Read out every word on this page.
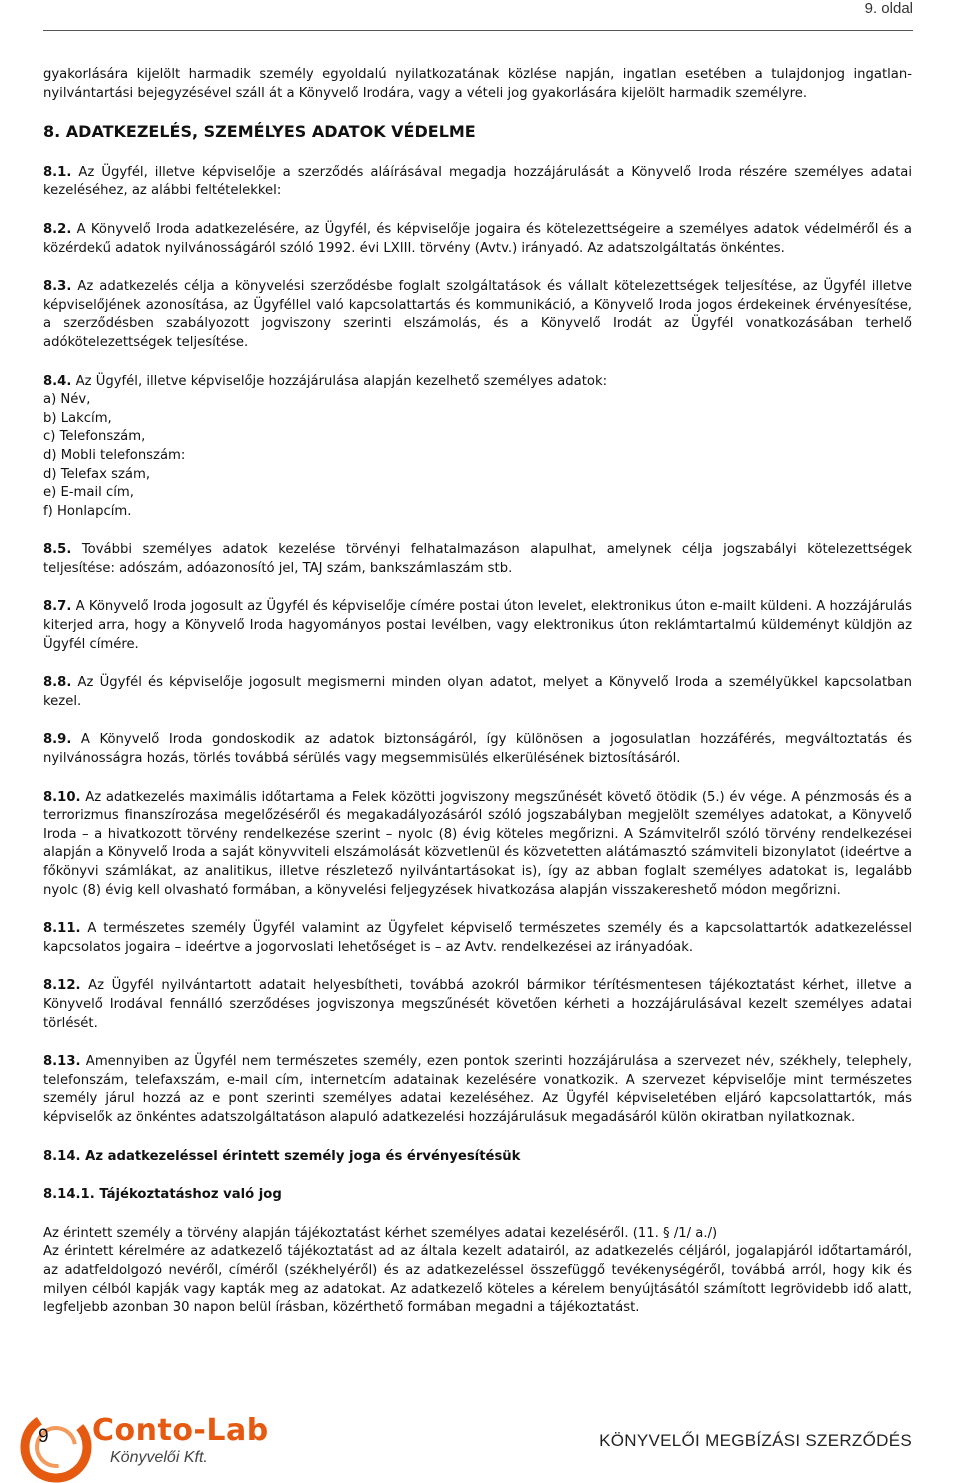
9. oldal

gyakorlására kijelölt harmadik személy egyoldalú nyilatkozatának közlése napján, ingatlan esetében a tulajdonjog ingatlan-nyilvántartási bejegyzésével száll át a Könyvelő Irodára, vagy a vételi jog gyakorlására kijelölt harmadik személyre.

8. ADATKEZELÉS, SZEMÉLYES ADATOK VÉDELME

8.1. Az Ügyfél, illetve képviselője a szerződés aláírásával megadja hozzájárulását a Könyvelő Iroda részére személyes adatai kezeléséhez, az alábbi feltételekkel:

8.2. A Könyvelő Iroda adatkezelésére, az Ügyfél, és képviselője jogaira és kötelezettségeire a személyes adatok védelméről és a közérdekű adatok nyilvánosságáról szóló 1992. évi LXIII. törvény (Avtv.) irányadó. Az adatszolgáltatás önkéntes.

8.3. Az adatkezelés célja a könyvelési szerződésbe foglalt szolgáltatások és vállalt kötelezettségek teljesítése, az Ügyfél illetve képviselőjének azonosítása, az Ügyféllel való kapcsolattartás és kommunikáció, a Könyvelő Iroda jogos érdekeinek érvényesítése, a szerződésben szabályozott jogviszony szerinti elszámolás, és a Könyvelő Irodát az Ügyfél vonatkozásában terhelő adókötelezettségek teljesítése.

8.4. Az Ügyfél, illetve képviselője hozzájárulása alapján kezelhető személyes adatok:

a) Név,
b) Lakcím,
c) Telefonszám,
d) Mobli telefonszám:
d) Telefax szám,
e) E-mail cím,
f) Honlapcím.

8.5. További személyes adatok kezelése törvényi felhatalmazáson alapulhat, amelynek célja jogszabályi kötelezettségek teljesítése: adószám, adóazonosító jel, TAJ szám, bankszámlaszám stb.

8.7. A Könyvelő Iroda jogosult az Ügyfél és képviselője címére postai úton levelet, elektronikus úton e-mailt küldeni. A hozzájárulás kiterjed arra, hogy a Könyvelő Iroda hagyományos postai levélben, vagy elektronikus úton reklámtartalmú küldeményt küldjön az Ügyfél címére.

8.8. Az Ügyfél és képviselője jogosult megismerni minden olyan adatot, melyet a Könyvelő Iroda a személyükkel kapcsolatban kezel.

8.9. A Könyvelő Iroda gondoskodik az adatok biztonságáról, így különösen a jogosulatlan hozzáférés, megváltoztatás és nyilvánosságra hozás, törlés továbbá sérülés vagy megsemmisülés elkerülésének biztosításáról.

8.10. Az adatkezelés maximális időtartama a Felek közötti jogviszony megszűnését követő ötödik (5.) év vége. A pénzmosás és a terrorizmus finanszírozása megelőzéséről és megakadályozásáról szóló jogszabályban megjelölt személyes adatokat, a Könyvelő Iroda – a hivatkozott törvény rendelkezése szerint – nyolc (8) évig köteles megőrizni. A Számvitelről szóló törvény rendelkezései alapján a Könyvelő Iroda a saját könyvviteli elszámolását közvetlenül és közvetetten alátámasztó számviteli bizonylatot (ideértve a főkönyvi számlákat, az analitikus, illetve részletező nyilvántartásokat is), így az abban foglalt személyes adatokat is, legalább nyolc (8) évig kell olvasható formában, a könyvelési feljegyzések hivatkozása alapján visszakereshető módon megőrizni.

8.11. A természetes személy Ügyfél valamint az Ügyfelet képviselő természetes személy és a kapcsolattartók adatkezeléssel kapcsolatos jogaira – ideértve a jogorvoslati lehetőséget is – az Avtv. rendelkezései az irányadóak.

8.12. Az Ügyfél nyilvántartott adatait helyesbítheti, továbbá azokról bármikor térítésmentesen tájékoztatást kérhet, illetve a Könyvelő Irodával fennálló szerződéses jogviszonya megszűnését követően kérheti a hozzájárulásával kezelt személyes adatai törlését.

8.13. Amennyiben az Ügyfél nem természetes személy, ezen pontok szerinti hozzájárulása a szervezet név, székhely, telephely, telefonszám, telefaxszám, e-mail cím, internetcím adatainak kezelésére vonatkozik. A szervezet képviselője mint természetes személy járul hozzá az e pont szerinti személyes adatai kezeléséhez. Az Ügyfél képviseletében eljáró kapcsolattartók, más képviselők az önkéntes adatszolgáltatáson alapuló adatkezelési hozzájárulásuk megadásáról külön okiratban nyilatkoznak.

8.14. Az adatkezeléssel érintett személy joga és érvényesítésük

8.14.1. Tájékoztatáshoz való jog

Az érintett személy a törvény alapján tájékoztatást kérhet személyes adatai kezeléséről. (11. § /1/ a./)

Az érintett kérelmére az adatkezelő tájékoztatást ad az általa kezelt adatairól, az adatkezelés céljáról, jogalapjáról időtartamáról, az adatfeldolgozó nevéről, címéről (székhelyéről) és az adatkezeléssel összefüggő tevékenységéről, továbbá arról, hogy kik és milyen célból kapják vagy kapták meg az adatokat. Az adatkezelő köteles a kérelem benyújtásától számított legrövidebb idő alatt, legfeljebb azonban 30 napon belül írásban, közérthető formában megadni a tájékoztatást.

Conto-Lab
Könyvelői Kft.
9	KÖNYVELŐI MEGBÍZÁSI SZERZŐDÉS
